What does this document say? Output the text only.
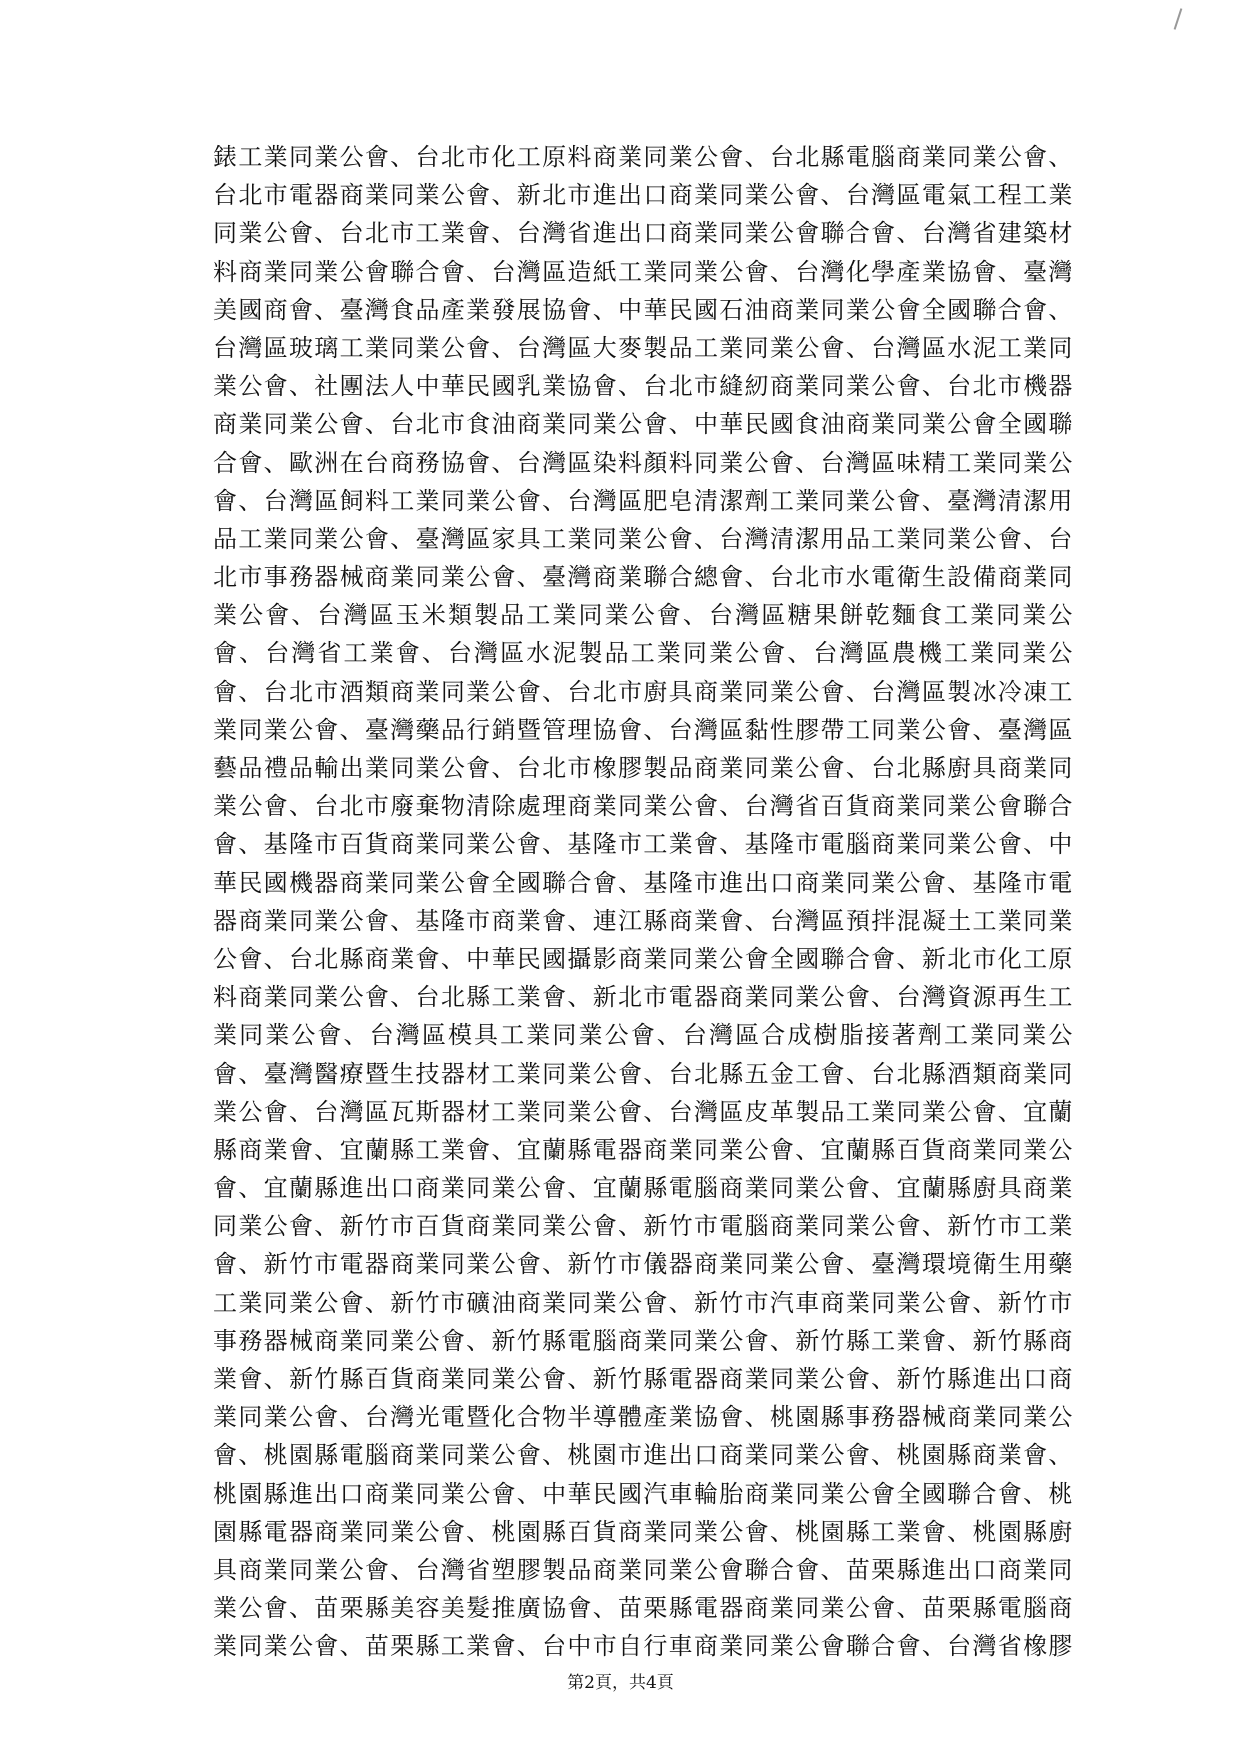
錶工業同業公會、台北市化工原料商業同業公會、台北縣電腦商業同業公會、
台北市電器商業同業公會、新北市進出口商業同業公會、台灣區電氣工程工業
同業公會、台北市工業會、台灣省進出口商業同業公會聯合會、台灣省建築材
料商業同業公會聯合會、台灣區造紙工業同業公會、台灣化學產業協會、臺灣
美國商會、臺灣食品產業發展協會、中華民國石油商業同業公會全國聯合會、
台灣區玻璃工業同業公會、台灣區大麥製品工業同業公會、台灣區水泥工業同
業公會、社團法人中華民國乳業協會、台北市縫紉商業同業公會、台北市機器
商業同業公會、台北市食油商業同業公會、中華民國食油商業同業公會全國聯
合會、歐洲在台商務協會、台灣區染料顏料同業公會、台灣區味精工業同業公
會、台灣區飼料工業同業公會、台灣區肥皂清潔劑工業同業公會、臺灣清潔用
品工業同業公會、臺灣區家具工業同業公會、台灣清潔用品工業同業公會、台
北市事務器械商業同業公會、臺灣商業聯合總會、台北市水電衛生設備商業同
業公會、台灣區玉米類製品工業同業公會、台灣區糖果餅乾麵食工業同業公
會、台灣省工業會、台灣區水泥製品工業同業公會、台灣區農機工業同業公
會、台北市酒類商業同業公會、台北市廚具商業同業公會、台灣區製冰冷凍工
業同業公會、臺灣藥品行銷暨管理協會、台灣區黏性膠帶工同業公會、臺灣區
藝品禮品輸出業同業公會、台北市橡膠製品商業同業公會、台北縣廚具商業同
業公會、台北市廢棄物清除處理商業同業公會、台灣省百貨商業同業公會聯合
會、基隆市百貨商業同業公會、基隆市工業會、基隆市電腦商業同業公會、中
華民國機器商業同業公會全國聯合會、基隆市進出口商業同業公會、基隆市電
器商業同業公會、基隆市商業會、連江縣商業會、台灣區預拌混凝土工業同業
公會、台北縣商業會、中華民國攝影商業同業公會全國聯合會、新北市化工原
料商業同業公會、台北縣工業會、新北市電器商業同業公會、台灣資源再生工
業同業公會、台灣區模具工業同業公會、台灣區合成樹脂接著劑工業同業公
會、臺灣醫療暨生技器材工業同業公會、台北縣五金工會、台北縣酒類商業同
業公會、台灣區瓦斯器材工業同業公會、台灣區皮革製品工業同業公會、宜蘭
縣商業會、宜蘭縣工業會、宜蘭縣電器商業同業公會、宜蘭縣百貨商業同業公
會、宜蘭縣進出口商業同業公會、宜蘭縣電腦商業同業公會、宜蘭縣廚具商業
同業公會、新竹市百貨商業同業公會、新竹市電腦商業同業公會、新竹市工業
會、新竹市電器商業同業公會、新竹市儀器商業同業公會、臺灣環境衛生用藥
工業同業公會、新竹市礦油商業同業公會、新竹市汽車商業同業公會、新竹市
事務器械商業同業公會、新竹縣電腦商業同業公會、新竹縣工業會、新竹縣商
業會、新竹縣百貨商業同業公會、新竹縣電器商業同業公會、新竹縣進出口商
業同業公會、台灣光電暨化合物半導體產業協會、桃園縣事務器械商業同業公
會、桃園縣電腦商業同業公會、桃園市進出口商業同業公會、桃園縣商業會、
桃園縣進出口商業同業公會、中華民國汽車輪胎商業同業公會全國聯合會、桃
園縣電器商業同業公會、桃園縣百貨商業同業公會、桃園縣工業會、桃園縣廚
具商業同業公會、台灣省塑膠製品商業同業公會聯合會、苗栗縣進出口商業同
業公會、苗栗縣美容美髮推廣協會、苗栗縣電器商業同業公會、苗栗縣電腦商
業同業公會、苗栗縣工業會、台中市自行車商業同業公會聯合會、台灣省橡膠
第2頁，共4頁
